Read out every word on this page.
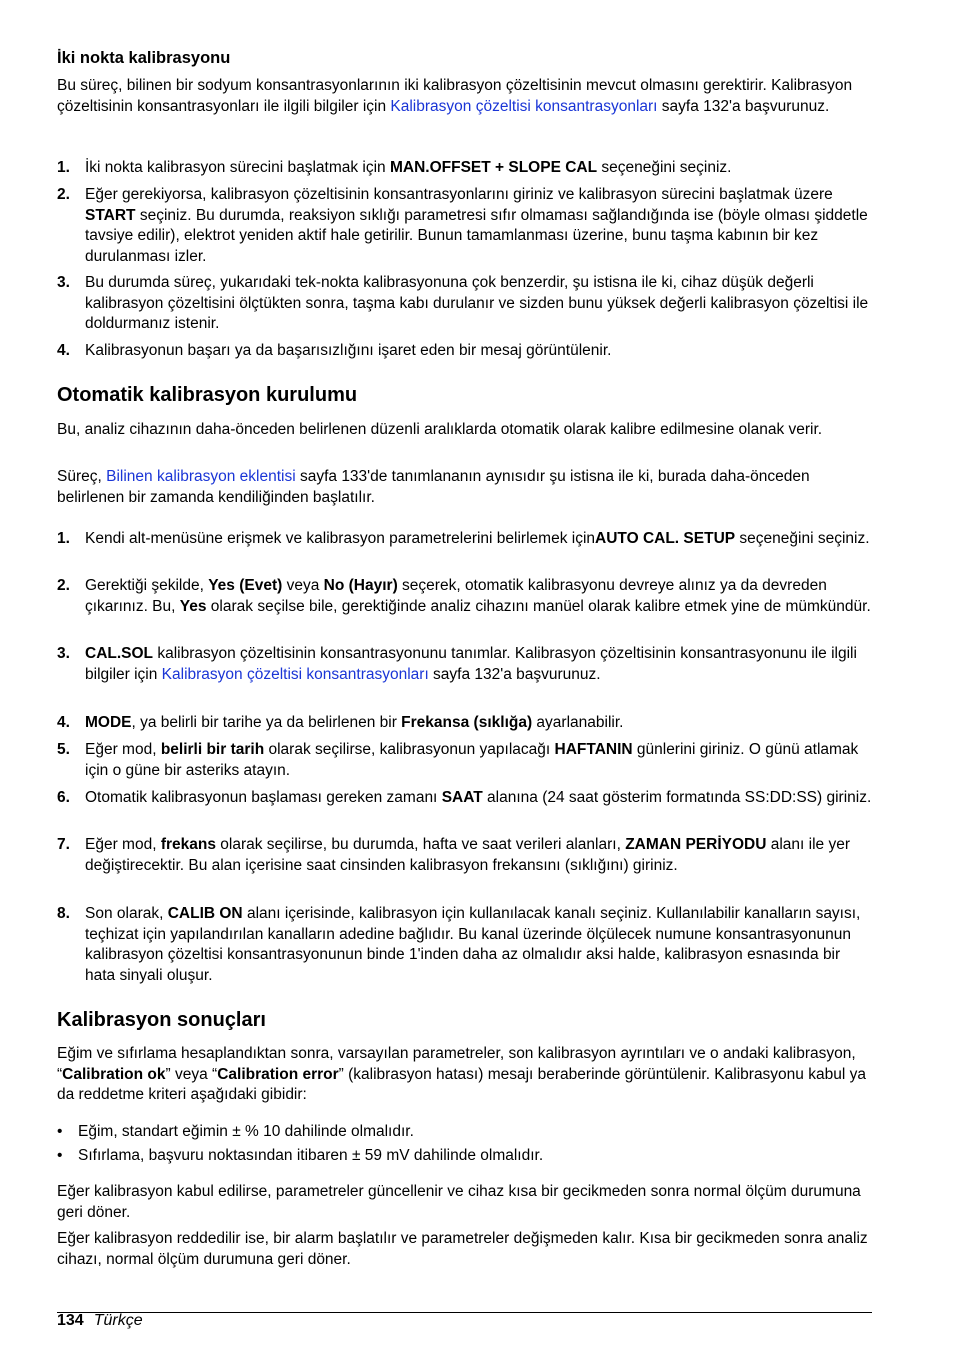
İki nokta kalibrasyonu

Bu süreç, bilinen bir sodyum konsantrasyonlarının iki kalibrasyon çözeltisinin mevcut olmasını gerektirir. Kalibrasyon çözeltisinin konsantrasyonları ile ilgili bilgiler için Kalibrasyon çözeltisi konsantrasyonları sayfa 132'a başvurunuz.

1. İki nokta kalibrasyon sürecini başlatmak için MAN.OFFSET + SLOPE CAL seçeneğini seçiniz.
2. Eğer gerekiyorsa, kalibrasyon çözeltisinin konsantrasyonlarını giriniz ve kalibrasyon sürecini başlatmak üzere START seçiniz. Bu durumda, reaksiyon sıklığı parametresi sıfır olmaması sağlandığında ise (böyle olması şiddetle tavsiye edilir), elektrot yeniden aktif hale getirilir. Bunun tamamlanması üzerine, bunu taşma kabının bir kez durulanması izler.
3. Bu durumda süreç, yukarıdaki tek-nokta kalibrasyonuna çok benzerdir, şu istisna ile ki, cihaz düşük değerli kalibrasyon çözeltisini ölçtükten sonra, taşma kabı durulanır ve sizden bunu yüksek değerli kalibrasyon çözeltisi ile doldurmanız istenir.
4. Kalibrasyonun başarı ya da başarısızlığını işaret eden bir mesaj görüntülenir.
Otomatik kalibrasyon kurulumu

Bu, analiz cihazının daha-önceden belirlenen düzenli aralıklarda otomatik olarak kalibre edilmesine olanak verir.

Süreç, Bilinen kalibrasyon eklentisi sayfa 133'de tanımlananın aynısıdır şu istisna ile ki, burada daha-önceden belirlenen bir zamanda kendiliğinden başlatılır.

1. Kendi alt-menüsüne erişmek ve kalibrasyon parametrelerini belirlemek içinAUTO CAL. SETUP seçeneğini seçiniz.
2. Gerektiği şekilde, Yes (Evet) veya No (Hayır) seçerek, otomatik kalibrasyonu devreye alınız ya da devreden çıkarınız. Bu, Yes olarak seçilse bile, gerektiğinde analiz cihazını manüel olarak kalibre etmek yine de mümkündür.
3. CAL.SOL kalibrasyon çözeltisinin konsantrasyonunu tanımlar. Kalibrasyon çözeltisinin konsantrasyonunu ile ilgili bilgiler için Kalibrasyon çözeltisi konsantrasyonları sayfa 132'a başvurunuz.
4. MODE, ya belirli bir tarihe ya da belirlenen bir Frekansa (sıklığa) ayarlanabilir.
5. Eğer mod, belirli bir tarih olarak seçilirse, kalibrasyonun yapılacağı HAFTANIN günlerini giriniz. O günü atlamak için o güne bir asteriks atayın.
6. Otomatik kalibrasyonun başlaması gereken zamanı SAAT alanına (24 saat gösterim formatında SS:DD:SS) giriniz.
7. Eğer mod, frekans olarak seçilirse, bu durumda, hafta ve saat verileri alanları, ZAMAN PERİYODU alanı ile yer değiştirecektir. Bu alan içerisine saat cinsinden kalibrasyon frekansını (sıklığını) giriniz.
8. Son olarak, CALIB ON alanı içerisinde, kalibrasyon için kullanılacak kanalı seçiniz. Kullanılabilir kanalların sayısı, teçhizat için yapılandırılan kanalların adedine bağlıdır. Bu kanal üzerinde ölçülecek numune konsantrasyonunun kalibrasyon çözeltisi konsantrasyonunun binde 1'inden daha az olmalıdır aksi halde, kalibrasyon esnasında bir hata sinyali oluşur.
Kalibrasyon sonuçları

Eğim ve sıfırlama hesaplandıktan sonra, varsayılan parametreler, son kalibrasyon ayrıntıları ve o andaki kalibrasyon, “Calibration ok” veya “Calibration error” (kalibrasyon hatası) mesajı beraberinde görüntülenir. Kalibrasyonu kabul ya da reddetme kriteri aşağıdaki gibidir:

• Eğim, standart eğimin ± % 10 dahilinde olmalıdır.
• Sıfırlama, başvuru noktasından itibaren ± 59 mV dahilinde olmalıdır.

Eğer kalibrasyon kabul edilirse, parametreler güncellenir ve cihaz kısa bir gecikmeden sonra normal ölçüm durumuna geri döner.

Eğer kalibrasyon reddedilir ise, bir alarm başlatılır ve parametreler değişmeden kalır. Kısa bir gecikmeden sonra analiz cihazı, normal ölçüm durumuna geri döner.

134 Türkçe
